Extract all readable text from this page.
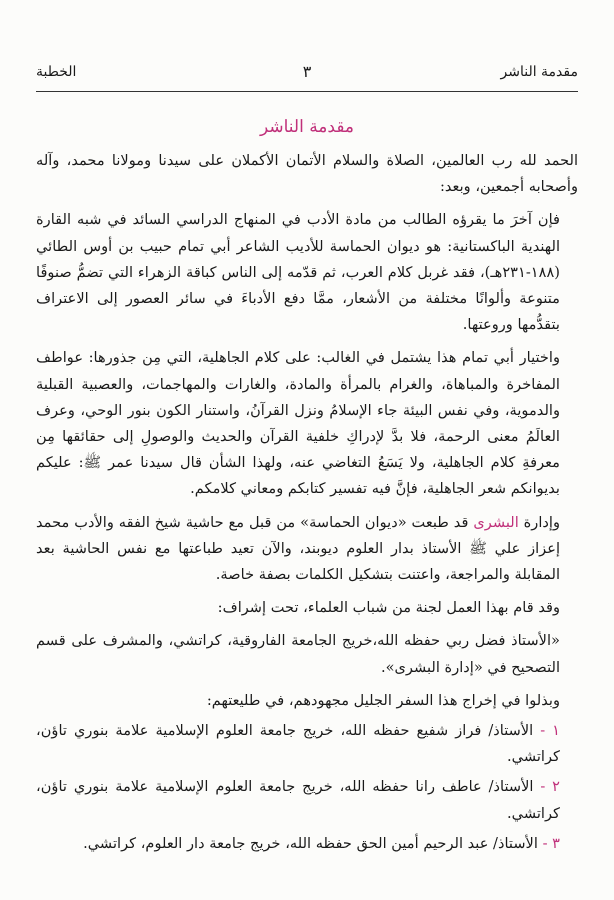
مقدمة الناشر
٣
الخطبة
مقدمة الناشر

الحمد لله رب العالمين، الصلاة والسلام الأتمان الأكملان على سيدنا ومولانا محمد، وآله وأصحابه أجمعين، وبعد:

فإن آخرَ ما يقرؤه الطالب من مادة الأدب في المنهاج الدراسي السائد في شبه القارة الهندية الباكستانية: هو ديوان الحماسة للأديب الشاعر أبي تمام حبيب بن أوس الطائي (١٨٨-٢٣١هـ)، فقد غربل كلام العرب، ثم قدّمه إلى الناس كباقة الزهراء التي تضمُّ صنوفًا متنوعة وألوانًا مختلفة من الأشعار، ممَّا دفع الأدباءَ في سائر العصور إلى الاعتراف بتقدُّمها وروعتها.

واختيار أبي تمام هذا يشتمل في الغالب: على كلام الجاهلية، التي مِن جذورها: عواطف المفاخرة والمباهاة، والغرام بالمرأة والمادة، والغارات والمهاجمات، والعصبية القبلية والدموية، وفي نفس البيئة جاء الإسلامُ ونزل القرآنُ، واستنار الكون بنور الوحي، وعرف العالَمُ معنى الرحمة، فلا بدَّ لإدراكِ خلفية القرآن والحديث والوصولِ إلى حقائقها مِن معرفةِ كلام الجاهلية، ولا يَسَعُ التغاضي عنه، ولهذا الشأن قال سيدنا عمر ﷺ: عليكم بديوانكم شعر الجاهلية، فإنَّ فيه تفسير كتابكم ومعاني كلامكم.

وإدارة البشرى قد طبعت «ديوان الحماسة» من قبل مع حاشية شيخ الفقه والأدب محمد إعزاز علي ﷺ الأستاذ بدار العلوم ديوبند، والآن تعيد طباعتها مع نفس الحاشية بعد المقابلة والمراجعة، واعتنت بتشكيل الكلمات بصفة خاصة.

وقد قام بهذا العمل لجنة من شباب العلماء، تحت إشراف:

«الأستاذ فضل ربي حفظه الله،خريج الجامعة الفاروقية، كراتشي، والمشرف على قسم التصحيح في «إدارة البشرى».

وبذلوا في إخراج هذا السفر الجليل مجهودهم، في طليعتهم:

١ - الأستاذ/ فراز شفيع حفظه الله، خريج جامعة العلوم الإسلامية علامة بنوري تاؤن، كراتشي.

٢ - الأستاذ/ عاطف رانا حفظه الله، خريج جامعة العلوم الإسلامية علامة بنوري تاؤن، كراتشي.

٣ - الأستاذ/ عبد الرحيم أمين الحق حفظه الله، خريج جامعة دار العلوم، كراتشي.
